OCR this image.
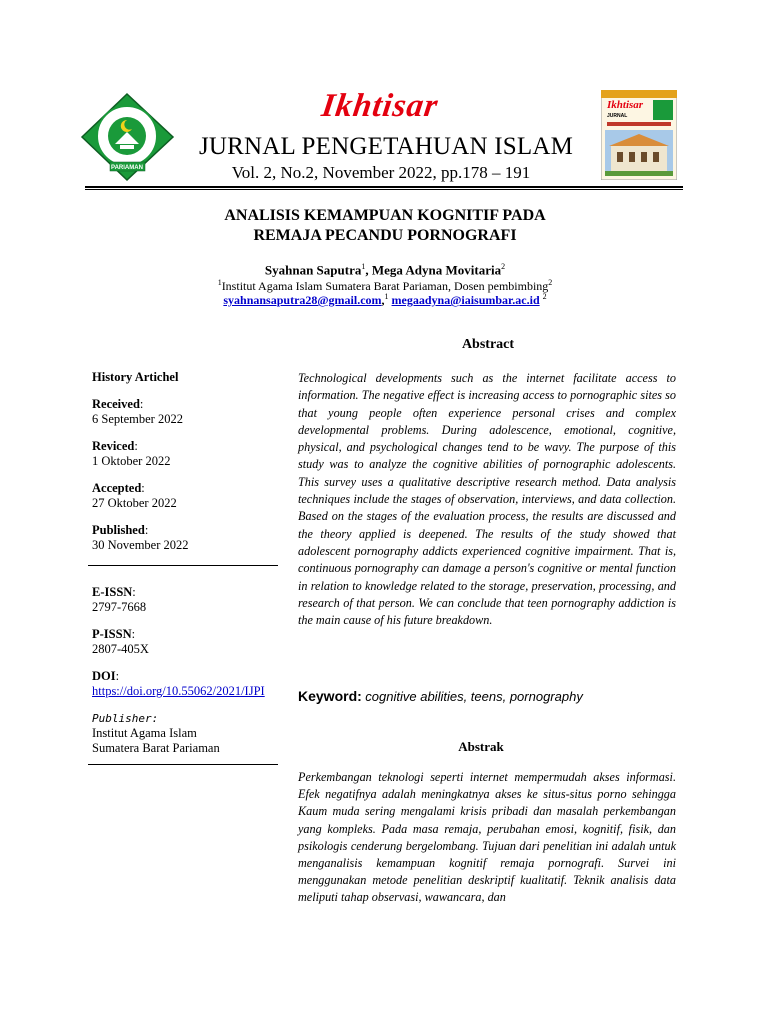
PARIAMAN
Ikhtisar
JURNAL PENGETAHUAN ISLAM
Vol. 2, No.2, November 2022, pp.178 – 191
Ikhtisar
JURNAL
ANALISIS KEMAMPUAN KOGNITIF PADA
REMAJA PECANDU PORNOGRAFI
Syahnan Saputra$^1$, Mega Adyna Movitaria$^2$
$^1$Institut Agama Islam Sumatera Barat Pariaman, Dosen pembimbing$^2$
syahnansaputra28@gmail.com,$^1$ megaadyna@iaisumbar.ac.id $^2$
Abstract
History Artichel
Received:
6 September 2022
Reviced:
1 Oktober 2022
Accepted:
27 Oktober 2022
Published:
30 November 2022
E-ISSN:
2797-7668
P-ISSN:
2807-405X
DOI:
https://doi.org/10.55062/2021/IJPI
Publisher:
Institut Agama Islam
Sumatera Barat Pariaman
Technological developments such as the internet facilitate access to information. The negative effect is increasing access to pornographic sites so that young people often experience personal crises and complex developmental problems. During adolescence, emotional, cognitive, physical, and psychological changes tend to be wavy. The purpose of this study was to analyze the cognitive abilities of pornographic adolescents. This survey uses a qualitative descriptive research method. Data analysis techniques include the stages of observation, interviews, and data collection. Based on the stages of the evaluation process, the results are discussed and the theory applied is deepened. The results of the study showed that adolescent pornography addicts experienced cognitive impairment. That is, continuous pornography can damage a person's cognitive or mental function in relation to knowledge related to the storage, preservation, processing, and research of that person. We can conclude that teen pornography addiction is the main cause of his future breakdown.
Keyword: cognitive abilities, teens, pornography
Abstrak
Perkembangan teknologi seperti internet mempermudah akses informasi. Efek negatifnya adalah meningkatnya akses ke situs-situs porno sehingga Kaum muda sering mengalami krisis pribadi dan masalah perkembangan yang kompleks. Pada masa remaja, perubahan emosi, kognitif, fisik, dan psikologis cenderung bergelombang. Tujuan dari penelitian ini adalah untuk menganalisis kemampuan kognitif remaja pornografi. Survei ini menggunakan metode penelitian deskriptif kualitatif. Teknik analisis data meliputi tahap observasi, wawancara, dan
